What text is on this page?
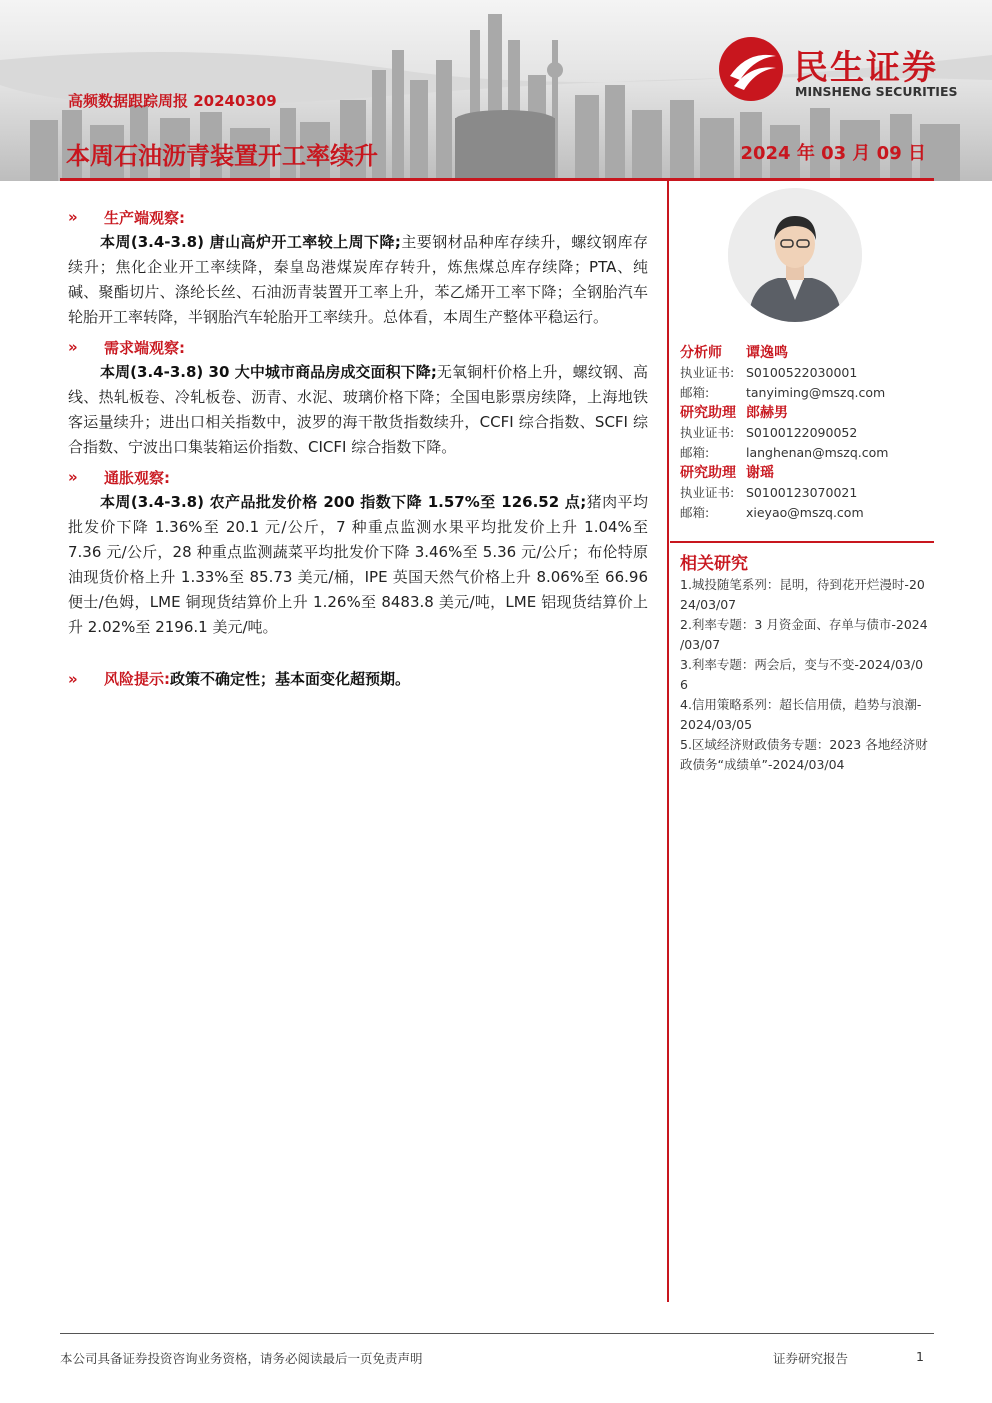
高频数据跟踪周报 20240309
本周石油沥青装置开工率续升	2024 年 03 月 09 日
民生证券
MINSHENG SECURITIES
»	生产端观察:

本周(3.4-3.8) 唐山高炉开工率较上周下降;主要钢材品种库存续升，螺纹钢库存续升；焦化企业开工率续降，秦皇岛港煤炭库存转升，炼焦煤总库存续降；PTA、纯碱、聚酯切片、涤纶长丝、石油沥青装置开工率上升，苯乙烯开工率下降；全钢胎汽车轮胎开工率转降，半钢胎汽车轮胎开工率续升。总体看，本周生产整体平稳运行。

»	需求端观察:

本周(3.4-3.8) 30 大中城市商品房成交面积下降;无氧铜杆价格上升，螺纹钢、高线、热轧板卷、冷轧板卷、沥青、水泥、玻璃价格下降；全国电影票房续降，上海地铁客运量续升；进出口相关指数中，波罗的海干散货指数续升，CCFI 综合指数、SCFI 综合指数、宁波出口集装箱运价指数、CICFI 综合指数下降。

»	通胀观察:

本周(3.4-3.8) 农产品批发价格 200 指数下降 1.57%至 126.52 点;猪肉平均批发价下降 1.36%至 20.1 元/公斤，7 种重点监测水果平均批发价上升 1.04%至 7.36 元/公斤，28 种重点监测蔬菜平均批发价下降 3.46%至 5.36 元/公斤；布伦特原油现货价格上升 1.33%至 85.73 美元/桶，IPE 英国天然气价格上升 8.06%至 66.96 便士/色姆，LME 铜现货结算价上升 1.26%至 8483.8 美元/吨，LME 铝现货结算价上升 2.02%至 2196.1 美元/吨。

»	风险提示: 政策不确定性；基本面变化超预期。
分析师	谭逸鸣
执业证书: S0100522030001
邮箱:	tanyiming@mszq.com
研究助理 郎赫男
执业证书: S0100122090052
邮箱:	langhenan@mszq.com
研究助理 谢瑶
执业证书: S0100123070021
邮箱:	xieyao@mszq.com
相关研究
1.城投随笔系列：昆明，待到花开烂漫时-20
24/03/07
2.利率专题：3 月资金面、存单与债市-2024
/03/07
3.利率专题：两会后，变与不变-2024/03/0
6
4.信用策略系列：超长信用债，趋势与浪潮-
2024/03/05
5.区域经济财政债务专题：2023 各地经济财
政债务“成绩单”-2024/03/04
本公司具备证券投资咨询业务资格，请务必阅读最后一页免责声明	证券研究报告	1
